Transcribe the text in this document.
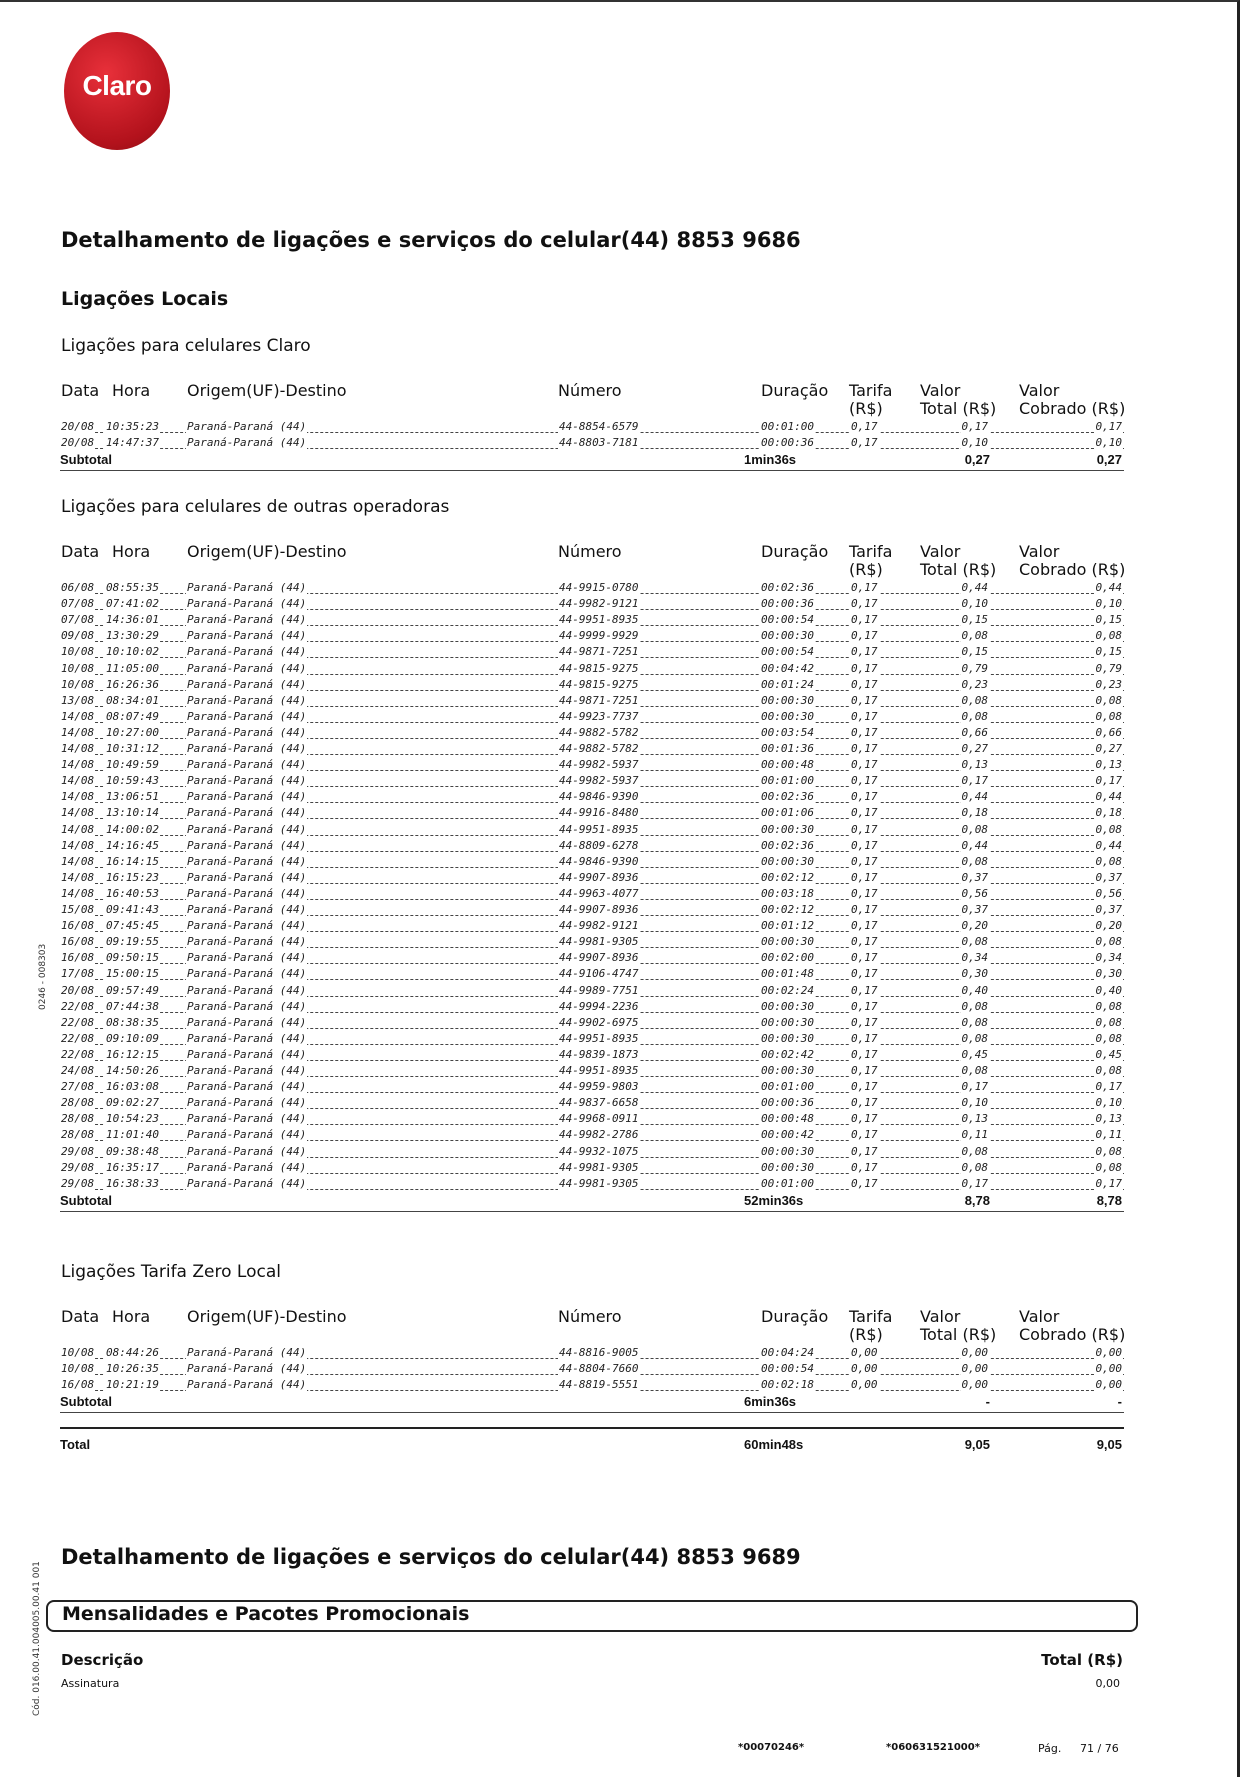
Claro
0246 - 008303
Cód. 016.00.41.004005.00.41 001
Detalhamento de ligações e serviços do celular(44) 8853 9686
Ligações Locais
Ligações para celulares Claro
Data Hora Origem(UF)-Destino	Número	Duração Tarifa Valor	Valor
(R$) Total (R$) Cobrado (R$)
20/08 10:35:23	Paraná-Paraná (44)	44-8854-6579	00:01:00	0,17	0,17	0,17
20/08 14:47:37	Paraná-Paraná (44)	44-8803-7181	00:00:36	0,17	0,10	0,10
Subtotal	1min36s	0,27	0,27
Ligações para celulares de outras operadoras
Data Hora Origem(UF)-Destino	Número	Duração Tarifa Valor	Valor
(R$) Total (R$) Cobrado (R$)
06/08 08:55:35	Paraná-Paraná (44)	44-9915-0780	00:02:36	0,17	0,44	0,44
07/08 07:41:02	Paraná-Paraná (44)	44-9982-9121	00:00:36	0,17	0,10	0,10
07/08 14:36:01	Paraná-Paraná (44)	44-9951-8935	00:00:54	0,17	0,15	0,15
09/08 13:30:29	Paraná-Paraná (44)	44-9999-9929	00:00:30	0,17	0,08	0,08
10/08 10:10:02	Paraná-Paraná (44)	44-9871-7251	00:00:54	0,17	0,15	0,15
10/08 11:05:00	Paraná-Paraná (44)	44-9815-9275	00:04:42	0,17	0,79	0,79
10/08 16:26:36	Paraná-Paraná (44)	44-9815-9275	00:01:24	0,17	0,23	0,23
13/08 08:34:01	Paraná-Paraná (44)	44-9871-7251	00:00:30	0,17	0,08	0,08
14/08 08:07:49	Paraná-Paraná (44)	44-9923-7737	00:00:30	0,17	0,08	0,08
14/08 10:27:00	Paraná-Paraná (44)	44-9882-5782	00:03:54	0,17	0,66	0,66
14/08 10:31:12	Paraná-Paraná (44)	44-9882-5782	00:01:36	0,17	0,27	0,27
14/08 10:49:59	Paraná-Paraná (44)	44-9982-5937	00:00:48	0,17	0,13	0,13
14/08 10:59:43	Paraná-Paraná (44)	44-9982-5937	00:01:00	0,17	0,17	0,17
14/08 13:06:51	Paraná-Paraná (44)	44-9846-9390	00:02:36	0,17	0,44	0,44
14/08 13:10:14	Paraná-Paraná (44)	44-9916-8480	00:01:06	0,17	0,18	0,18
14/08 14:00:02	Paraná-Paraná (44)	44-9951-8935	00:00:30	0,17	0,08	0,08
14/08 14:16:45	Paraná-Paraná (44)	44-8809-6278	00:02:36	0,17	0,44	0,44
14/08 16:14:15	Paraná-Paraná (44)	44-9846-9390	00:00:30	0,17	0,08	0,08
14/08 16:15:23	Paraná-Paraná (44)	44-9907-8936	00:02:12	0,17	0,37	0,37
14/08 16:40:53	Paraná-Paraná (44)	44-9963-4077	00:03:18	0,17	0,56	0,56
15/08 09:41:43	Paraná-Paraná (44)	44-9907-8936	00:02:12	0,17	0,37	0,37
16/08 07:45:45	Paraná-Paraná (44)	44-9982-9121	00:01:12	0,17	0,20	0,20
16/08 09:19:55	Paraná-Paraná (44)	44-9981-9305	00:00:30	0,17	0,08	0,08
16/08 09:50:15	Paraná-Paraná (44)	44-9907-8936	00:02:00	0,17	0,34	0,34
17/08 15:00:15	Paraná-Paraná (44)	44-9106-4747	00:01:48	0,17	0,30	0,30
20/08 09:57:49	Paraná-Paraná (44)	44-9989-7751	00:02:24	0,17	0,40	0,40
22/08 07:44:38	Paraná-Paraná (44)	44-9994-2236	00:00:30	0,17	0,08	0,08
22/08 08:38:35	Paraná-Paraná (44)	44-9902-6975	00:00:30	0,17	0,08	0,08
22/08 09:10:09	Paraná-Paraná (44)	44-9951-8935	00:00:30	0,17	0,08	0,08
22/08 16:12:15	Paraná-Paraná (44)	44-9839-1873	00:02:42	0,17	0,45	0,45
24/08 14:50:26	Paraná-Paraná (44)	44-9951-8935	00:00:30	0,17	0,08	0,08
27/08 16:03:08	Paraná-Paraná (44)	44-9959-9803	00:01:00	0,17	0,17	0,17
28/08 09:02:27	Paraná-Paraná (44)	44-9837-6658	00:00:36	0,17	0,10	0,10
28/08 10:54:23	Paraná-Paraná (44)	44-9968-0911	00:00:48	0,17	0,13	0,13
28/08 11:01:40	Paraná-Paraná (44)	44-9982-2786	00:00:42	0,17	0,11	0,11
29/08 09:38:48	Paraná-Paraná (44)	44-9932-1075	00:00:30	0,17	0,08	0,08
29/08 16:35:17	Paraná-Paraná (44)	44-9981-9305	00:00:30	0,17	0,08	0,08
29/08 16:38:33	Paraná-Paraná (44)	44-9981-9305	00:01:00	0,17	0,17	0,17
Subtotal	52min36s	8,78	8,78
Ligações Tarifa Zero Local
Data Hora Origem(UF)-Destino	Número	Duração Tarifa Valor	Valor
(R$) Total (R$) Cobrado (R$)
10/08 08:44:26	Paraná-Paraná (44)	44-8816-9005	00:04:24	0,00	0,00	0,00
10/08 10:26:35	Paraná-Paraná (44)	44-8804-7660	00:00:54	0,00	0,00	0,00
16/08 10:21:19	Paraná-Paraná (44)	44-8819-5551	00:02:18	0,00	0,00	0,00
Subtotal	6min36s	-	-
Total	60min48s	9,05	9,05
Detalhamento de ligações e serviços do celular(44) 8853 9689
Mensalidades e Pacotes Promocionais
Descrição	Total (R$)
Assinatura	0,00
*00070246*	*060631521000*	Pág. 71 / 76
